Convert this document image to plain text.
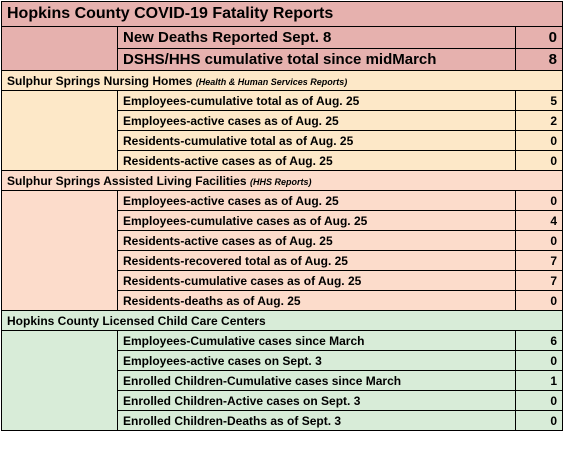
Hopkins County COVID-19 Fatality Reports		
	New Deaths Reported Sept. 8	0
	DSHS/HHS cumulative total since midMarch	8
Sulphur Springs Nursing Homes (Health & Human Services Reports)		
	Employees-cumulative total as of Aug. 25	5
	Employees-active cases as of Aug. 25	2
	Residents-cumulative total as of Aug. 25	0
	Residents-active cases as of Aug. 25	0
Sulphur Springs Assisted Living Facilities (HHS Reports)		
	Employees-active cases as of Aug. 25	0
	Employees-cumulative cases as of Aug. 25	4
	Residents-active cases as of Aug. 25	0
	Residents-recovered total as of Aug. 25	7
	Residents-cumulative cases as of Aug. 25	7
	Residents-deaths as of Aug. 25	0
Hopkins County Licensed Child Care Centers		
	Employees-Cumulative cases since March	6
	Employees-active cases on Sept. 3	0
	Enrolled Children-Cumulative cases since March	1
	Enrolled Children-Active cases on Sept. 3	0
	Enrolled Children-Deaths as of Sept. 3	0
